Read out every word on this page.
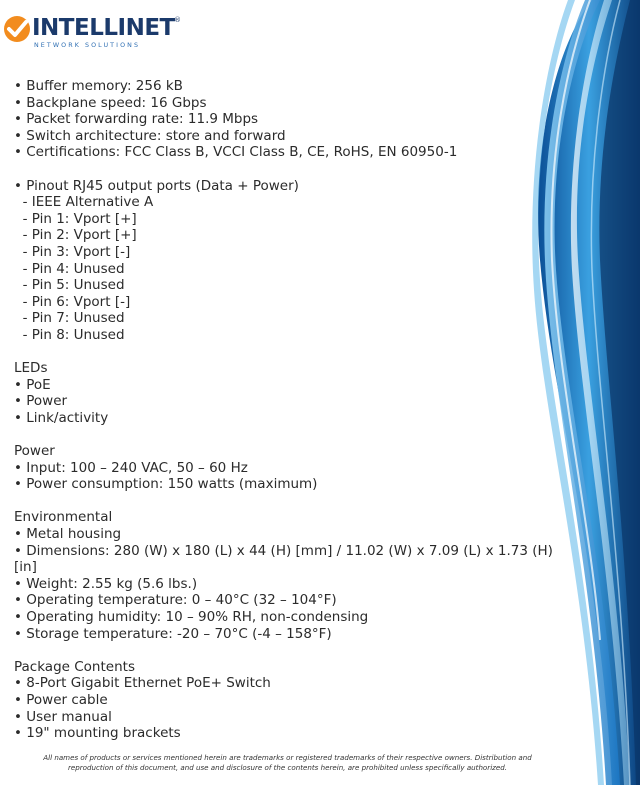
INTELLINET ®
NETWORK SOLUTIONS
• Buffer memory: 256 kB
• Backplane speed: 16 Gbps
• Packet forwarding rate: 11.9 Mbps
• Switch architecture: store and forward
• Certifications: FCC Class B, VCCI Class B, CE, RoHS, EN 60950-1
• Pinout RJ45 output ports (Data + Power)
- IEEE Alternative A
- Pin 1: Vport [+]
- Pin 2: Vport [+]
- Pin 3: Vport [-]
- Pin 4: Unused
- Pin 5: Unused
- Pin 6: Vport [-]
- Pin 7: Unused
- Pin 8: Unused
LEDs
• PoE
• Power
• Link/activity
Power
• Input: 100 – 240 VAC, 50 – 60 Hz
• Power consumption: 150 watts (maximum)
Environmental
• Metal housing
• Dimensions: 280 (W) x 180 (L) x 44 (H) [mm] / 11.02 (W) x 7.09 (L) x 1.73 (H)
[in]
• Weight: 2.55 kg (5.6 lbs.)
• Operating temperature: 0 – 40°C (32 – 104°F)
• Operating humidity: 10 – 90% RH, non-condensing
• Storage temperature: -20 – 70°C (-4 – 158°F)
Package Contents
• 8-Port Gigabit Ethernet PoE+ Switch
• Power cable
• User manual
• 19" mounting brackets
All names of products or services mentioned herein are trademarks or registered trademarks of their respective owners. Distribution and
reproduction of this document, and use and disclosure of the contents herein, are prohibited unless specifically authorized.
